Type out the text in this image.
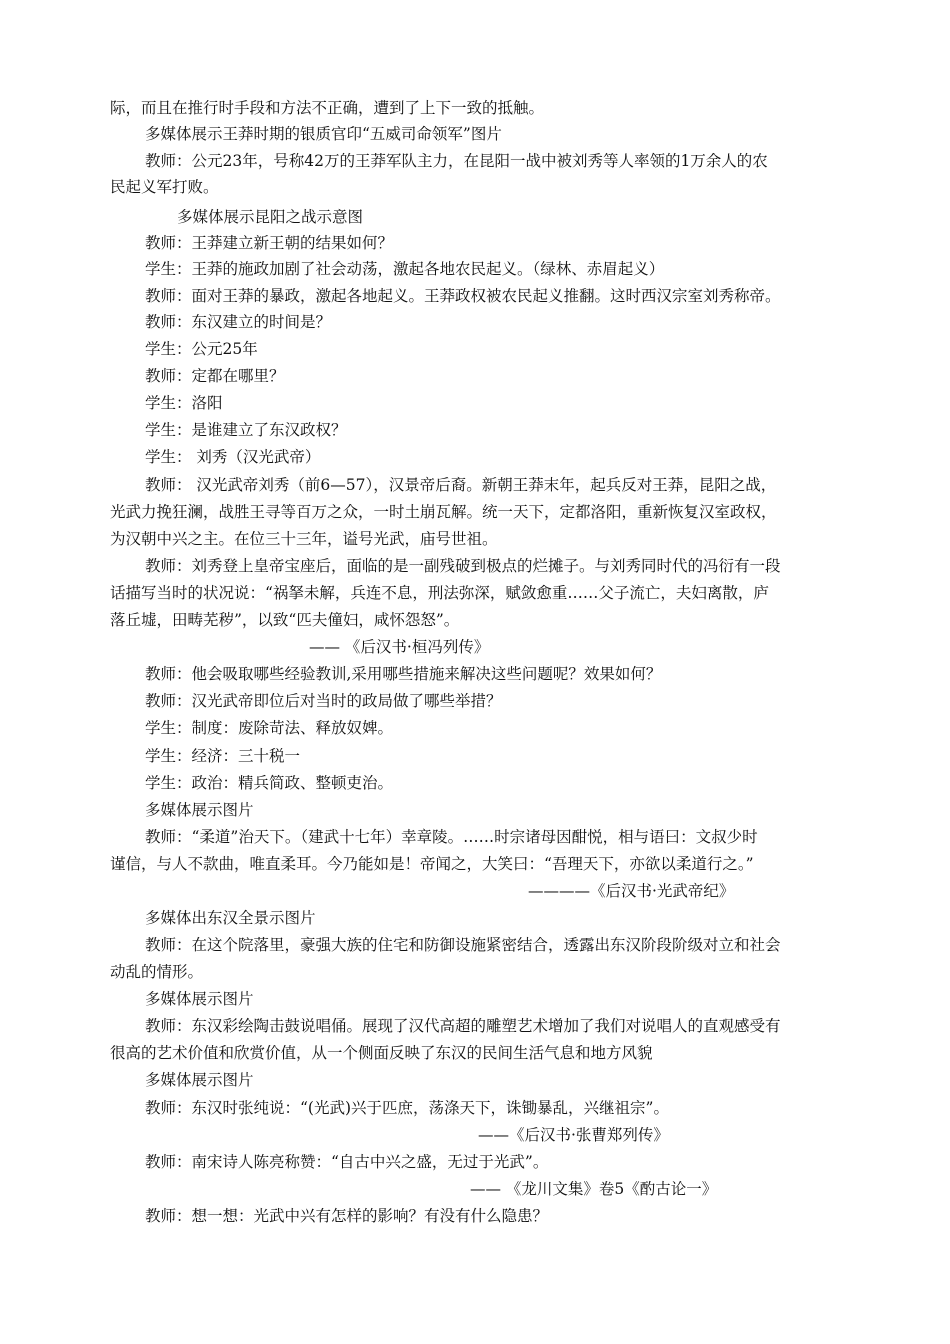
际，而且在推行时手段和方法不正确，遭到了上下一致的抵触。
多媒体展示王莽时期的银质官印“五威司命领军”图片
教师：公元23年，号称42万的王莽军队主力，在昆阳一战中被刘秀等人率领的1万余人的农
民起义军打败。
多媒体展示昆阳之战示意图
教师：王莽建立新王朝的结果如何？
学生：王莽的施政加剧了社会动荡，激起各地农民起义。（绿林、赤眉起义）
教师：面对王莽的暴政，激起各地起义。王莽政权被农民起义推翻。这时西汉宗室刘秀称帝。
教师：东汉建立的时间是？
学生：公元25年
教师：定都在哪里？
学生：洛阳
学生：是谁建立了东汉政权？
学生： 刘秀（汉光武帝）
教师： 汉光武帝刘秀（前6—57），汉景帝后裔。新朝王莽末年，起兵反对王莽，昆阳之战，
光武力挽狂澜，战胜王寻等百万之众，一时土崩瓦解。统一天下，定都洛阳，重新恢复汉室政权，
为汉朝中兴之主。在位三十三年，谥号光武，庙号世祖。
教师：刘秀登上皇帝宝座后，面临的是一副残破到极点的烂摊子。与刘秀同时代的冯衍有一段
话描写当时的状况说：“祸拏未解，兵连不息，刑法弥深，赋敛愈重……父子流亡，夫妇离散，庐
落丘墟，田畴芜秽”，以致“匹夫僮妇，咸怀怨怒”。
—— 《后汉书·桓冯列传》
教师：他会吸取哪些经验教训,采用哪些措施来解决这些问题呢？效果如何？
教师：汉光武帝即位后对当时的政局做了哪些举措？
学生：制度：废除苛法、释放奴婢。
学生：经济：三十税一
学生：政治：精兵简政、整顿吏治。
多媒体展示图片
教师：“柔道”治天下。（建武十七年）幸章陵。……时宗诸母因酣悦，相与语曰：文叔少时
谨信，与人不款曲，唯直柔耳。今乃能如是！帝闻之，大笑曰：“吾理天下，亦欲以柔道行之。”
————《后汉书·光武帝纪》
多媒体出东汉全景示图片
教师：在这个院落里，豪强大族的住宅和防御设施紧密结合，透露出东汉阶段阶级对立和社会
动乱的情形。
多媒体展示图片
教师：东汉彩绘陶击鼓说唱俑。展现了汉代高超的雕塑艺术增加了我们对说唱人的直观感受有
很高的艺术价值和欣赏价值，从一个侧面反映了东汉的民间生活气息和地方风貌
多媒体展示图片
教师：东汉时张纯说：“(光武)兴于匹庶，荡涤天下，诛锄暴乱，兴继祖宗”。
——《后汉书·张曹郑列传》
教师：南宋诗人陈亮称赞：“自古中兴之盛，无过于光武”。
—— 《龙川文集》卷5《酌古论一》
教师：想一想：光武中兴有怎样的影响？有没有什么隐患？
